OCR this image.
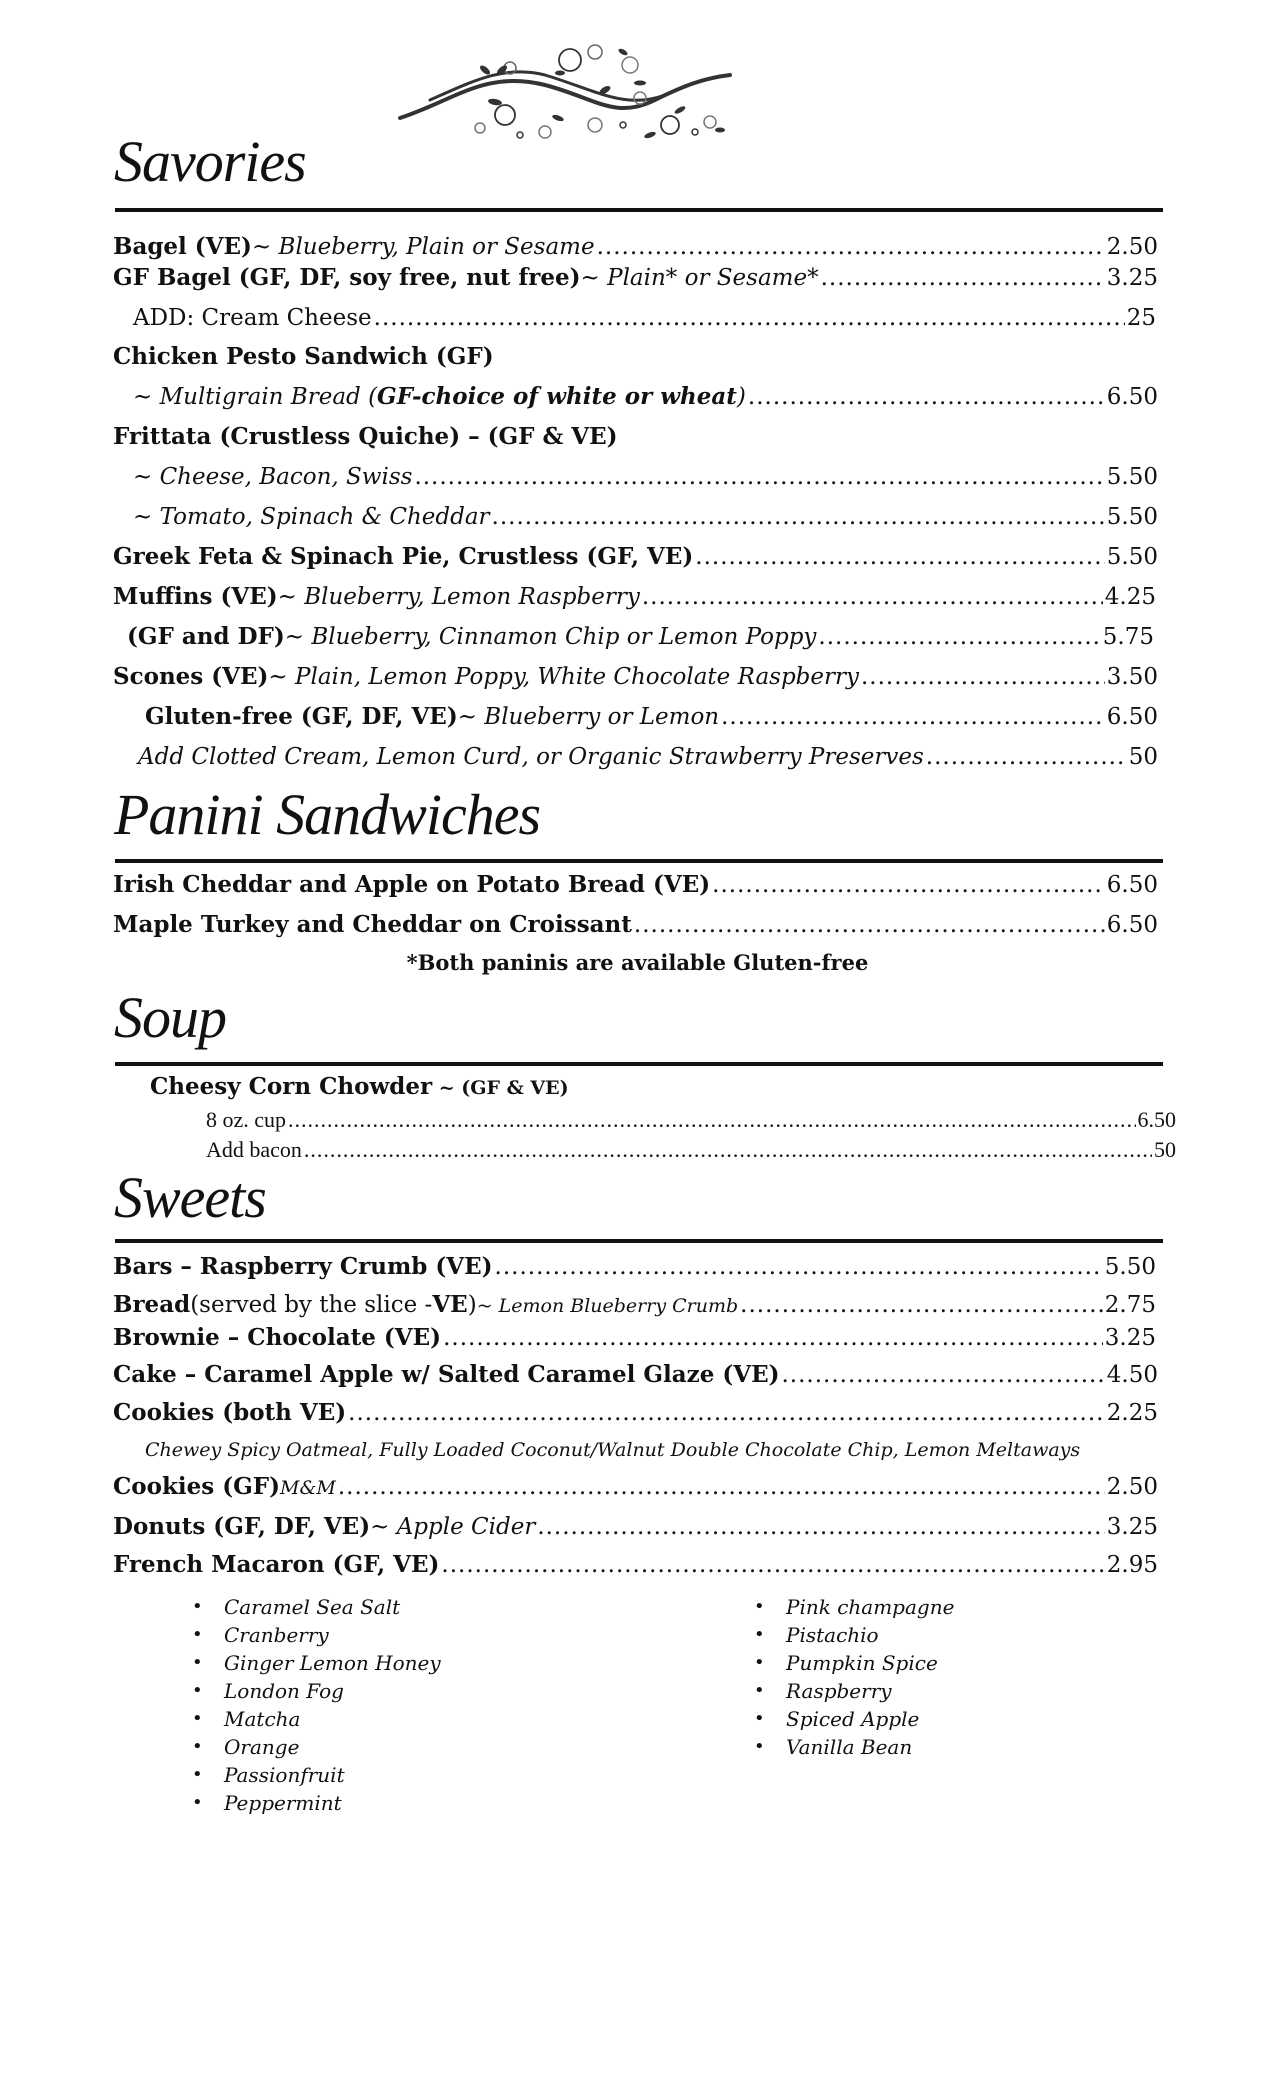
Savories
Bagel (VE) ~ Blueberry, Plain or Sesame .....	2.50
GF Bagel (GF, DF, soy free, nut free) ~ Plain* or Sesame* .....	3.25
ADD: Cream Cheese .....	25
Chicken Pesto Sandwich (GF)
~ Multigrain Bread ( GF-choice of white or wheat ) .....	6.50
Frittata (Crustless Quiche) – (GF & VE)
~ Cheese, Bacon, Swiss .....	5.50
~ Tomato, Spinach & Cheddar .....	5.50
Greek Feta & Spinach Pie, Crustless (GF, VE) .....	5.50
Muffins (VE) ~ Blueberry, Lemon Raspberry .....	4.25
(GF and DF) ~ Blueberry, Cinnamon Chip or Lemon Poppy .....	5.75
Scones (VE) ~ Plain, Lemon Poppy, White Chocolate Raspberry .....	3.50
Gluten-free (GF, DF, VE) ~ Blueberry or Lemon .....	6.50
Add Clotted Cream, Lemon Curd, or Organic Strawberry Preserves .....	50
Panini Sandwiches
Irish Cheddar and Apple on Potato Bread (VE) .....	6.50
Maple Turkey and Cheddar on Croissant .....	6.50
*Both paninis are available Gluten-free
Soup
Cheesy Corn Chowder ~ (GF & VE)
8 oz. cup .....	6.50
Add bacon .....	50
Sweets
Bars – Raspberry Crumb (VE) .....	5.50
Bread (served by the slice - VE ) ~ Lemon Blueberry Crumb .....	2.75
Brownie – Chocolate (VE) .....	3.25
Cake – Caramel Apple w/ Salted Caramel Glaze (VE) .....	4.50
Cookies (both VE) .....	2.25
Chewey Spicy Oatmeal, Fully Loaded Coconut/Walnut Double Chocolate Chip, Lemon Meltaways
Cookies (GF) M&M .....	2.50
Donuts (GF, DF, VE) ~ Apple Cider .....	3.25
French Macaron (GF, VE) .....	2.95
• Caramel Sea Salt
• Cranberry
• Ginger Lemon Honey
• London Fog
• Matcha
• Orange
• Passionfruit
• Peppermint
• Pink champagne
• Pistachio
• Pumpkin Spice
• Raspberry
• Spiced Apple
• Vanilla Bean
